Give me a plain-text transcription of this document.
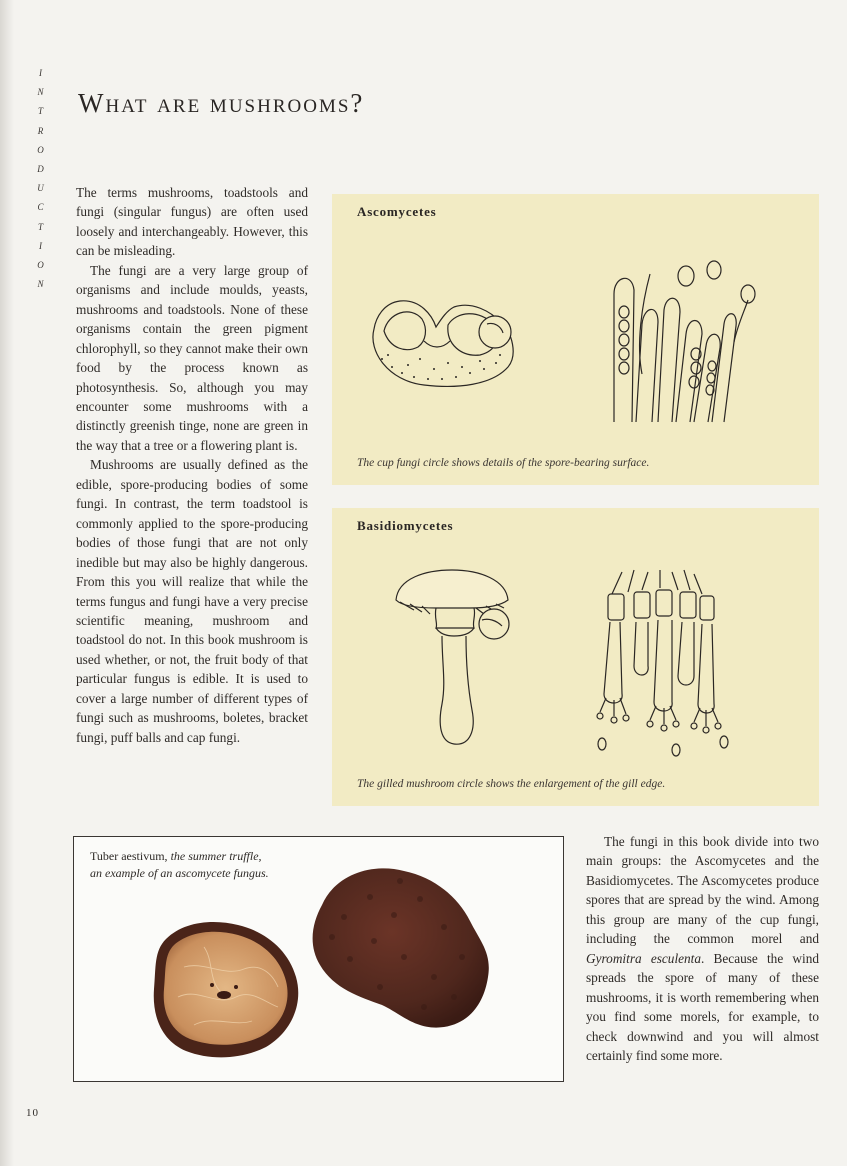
I
N
T
R
O
D
U
C
T
I
O
N
What are mushrooms?

The terms mushrooms, toadstools and fungi (singular fungus) are often used loosely and interchangeably. However, this can be misleading.

The fungi are a very large group of organisms and include moulds, yeasts, mushrooms and toadstools. None of these organisms contain the green pigment chlorophyll, so they cannot make their own food by the process known as photosynthesis. So, although you may encounter some mushrooms with a distinctly greenish tinge, none are green in the way that a tree or a flowering plant is.

Mushrooms are usually defined as the edible, spore-producing bodies of some fungi. In contrast, the term toadstool is commonly applied to the spore-producing bodies of those fungi that are not only inedible but may also be highly dangerous. From this you will realize that while the terms fungus and fungi have a very precise scientific meaning, mushroom and toadstool do not. In this book mushroom is used whether, or not, the fruit body of that particular fungus is edible. It is used to cover a large number of different types of fungi such as mushrooms, boletes, bracket fungi, puff balls and cap fungi.

Ascomycetes
The cup fungi circle shows details of the spore-bearing surface.
Basidiomycetes
The gilled mushroom circle shows the enlargement of the gill edge.
Tuber aestivum, the summer truffle,
an example of an ascomycete fungus.

The fungi in this book divide into two main groups: the Ascomycetes and the Basidiomycetes. The Ascomycetes produce spores that are spread by the wind. Among this group are many of the cup fungi, including the common morel and Gyromitra esculenta. Because the wind spreads the spore of many of these mushrooms, it is worth remembering when you find some morels, for example, to check downwind and you will almost certainly find some more.

10
